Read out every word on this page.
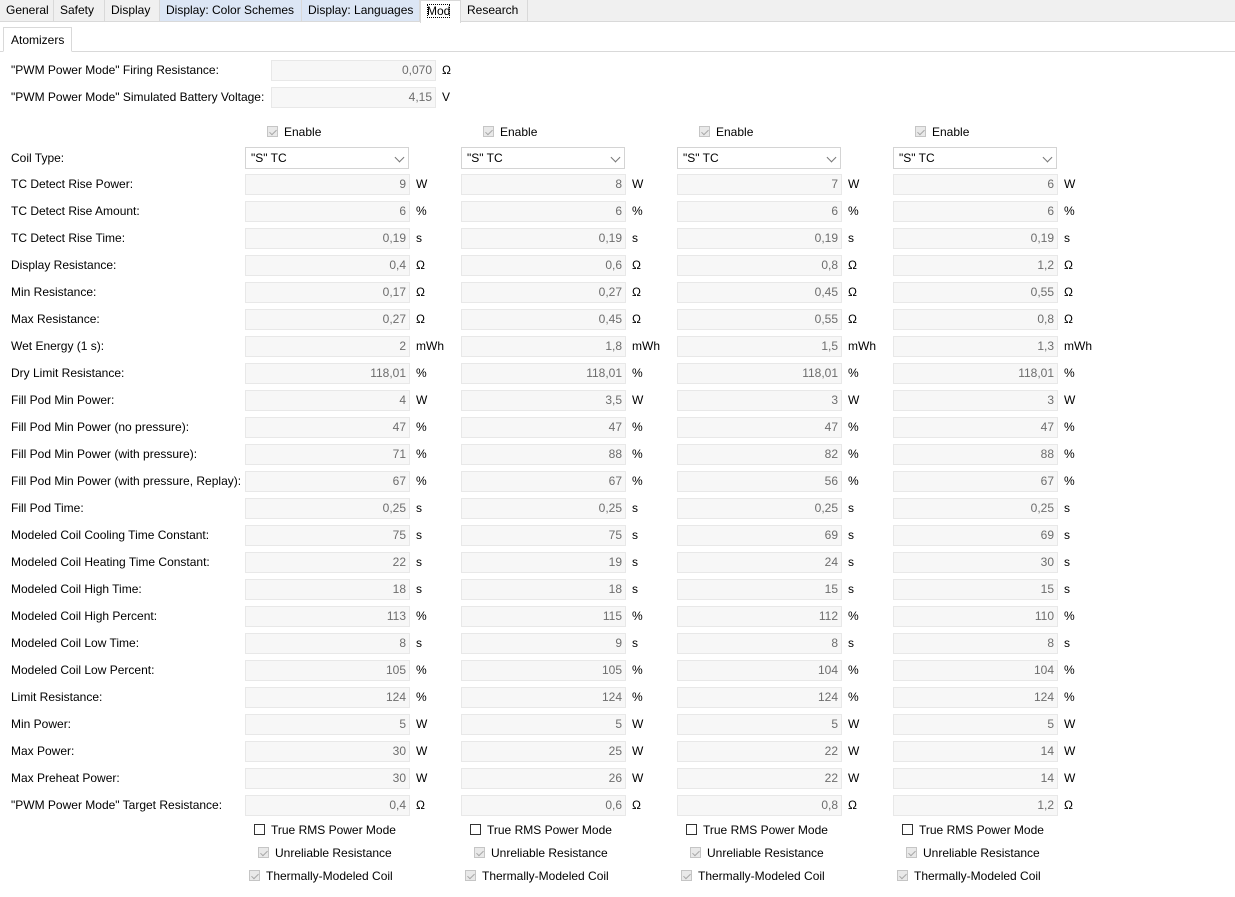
General Safety	Display	Display: Color Schemes	Display: Languages	Mod	Research
Atomizers
"PWM Power Mode" Firing Resistance:	0,070 Ω
"PWM Power Mode" Simulated Battery Voltage:	4,15 V
Enable	Enable	Enable	Enable
Coil Type:	"S" TC	"S" TC	"S" TC	"S" TC
TC Detect Rise Power:	9 W	8 W	7 W	6 W
TC Detect Rise Amount:	6 %	6 %	6 %	6 %
TC Detect Rise Time:	0,19 s	0,19 s	0,19 s	0,19 s
Display Resistance:	0,4 Ω	0,6 Ω	0,8 Ω	1,2 Ω
Min Resistance:	0,17 Ω	0,27 Ω	0,45 Ω	0,55 Ω
Max Resistance:	0,27 Ω	0,45 Ω	0,55 Ω	0,8 Ω
Wet Energy (1 s):	2 mWh	1,8 mWh	1,5 mWh	1,3 mWh
Dry Limit Resistance:	118,01 %	118,01 %	118,01 %	118,01 %
Fill Pod Min Power:	4 W	3,5 W	3 W	3 W
Fill Pod Min Power (no pressure):	47 %	47 %	47 %	47 %
Fill Pod Min Power (with pressure):	71 %	88 %	82 %	88 %
Fill Pod Min Power (with pressure, Replay):	67 %	67 %	56 %	67 %
Fill Pod Time:	0,25 s	0,25 s	0,25 s	0,25 s
Modeled Coil Cooling Time Constant:	75 s	75 s	69 s	69 s
Modeled Coil Heating Time Constant:	22 s	19 s	24 s	30 s
Modeled Coil High Time:	18 s	18 s	15 s	15 s
Modeled Coil High Percent:	113 %	115 %	112 %	110 %
Modeled Coil Low Time:	8 s	9 s	8 s	8 s
Modeled Coil Low Percent:	105 %	105 %	104 %	104 %
Limit Resistance:	124 %	124 %	124 %	124 %
Min Power:	5 W	5 W	5 W	5 W
Max Power:	30 W	25 W	22 W	14 W
Max Preheat Power:	30 W	26 W	22 W	14 W
"PWM Power Mode" Target Resistance:	0,4 Ω	0,6 Ω	0,8 Ω	1,2 Ω
True RMS Power Mode	True RMS Power Mode	True RMS Power Mode	True RMS Power Mode
Unreliable Resistance	Unreliable Resistance	Unreliable Resistance	Unreliable Resistance
Thermally-Modeled Coil	Thermally-Modeled Coil	Thermally-Modeled Coil	Thermally-Modeled Coil
